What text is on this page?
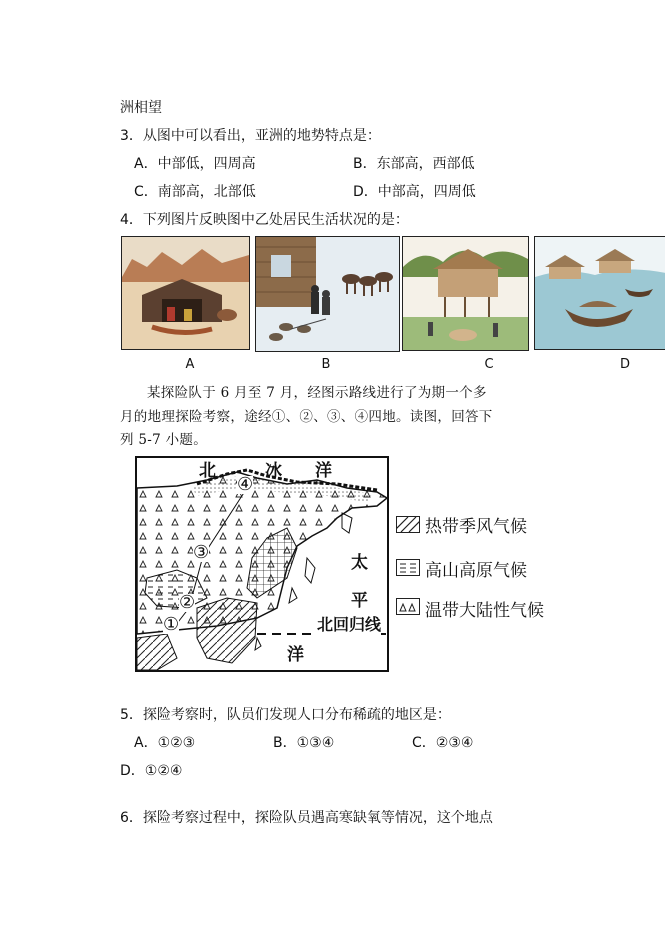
洲相望
3．从图中可以看出，亚洲的地势特点是：
A．中部低，四周高	B．东部高，西部低
C．南部高，北部低	D．中部高，四周低
4．下列图片反映图中乙处居民生活状况的是：
A	B	C	D
某探险队于 6 月至 7 月，经图示路线进行了为期一个多
月的地理探险考察，途经①、②、③、④四地。读图，回答下
列 5-7 小题。
北	冰 洋
太
平
北回归线
洋
①
②
③
④
热带季风气候
高山高原气候
温带大陆性气候
5．探险考察时，队员们发现人口分布稀疏的地区是：
A．①②③	B．①③④	C．②③④
D．①②④
6．探险考察过程中，探险队员遇高寒缺氧等情况，这个地点
